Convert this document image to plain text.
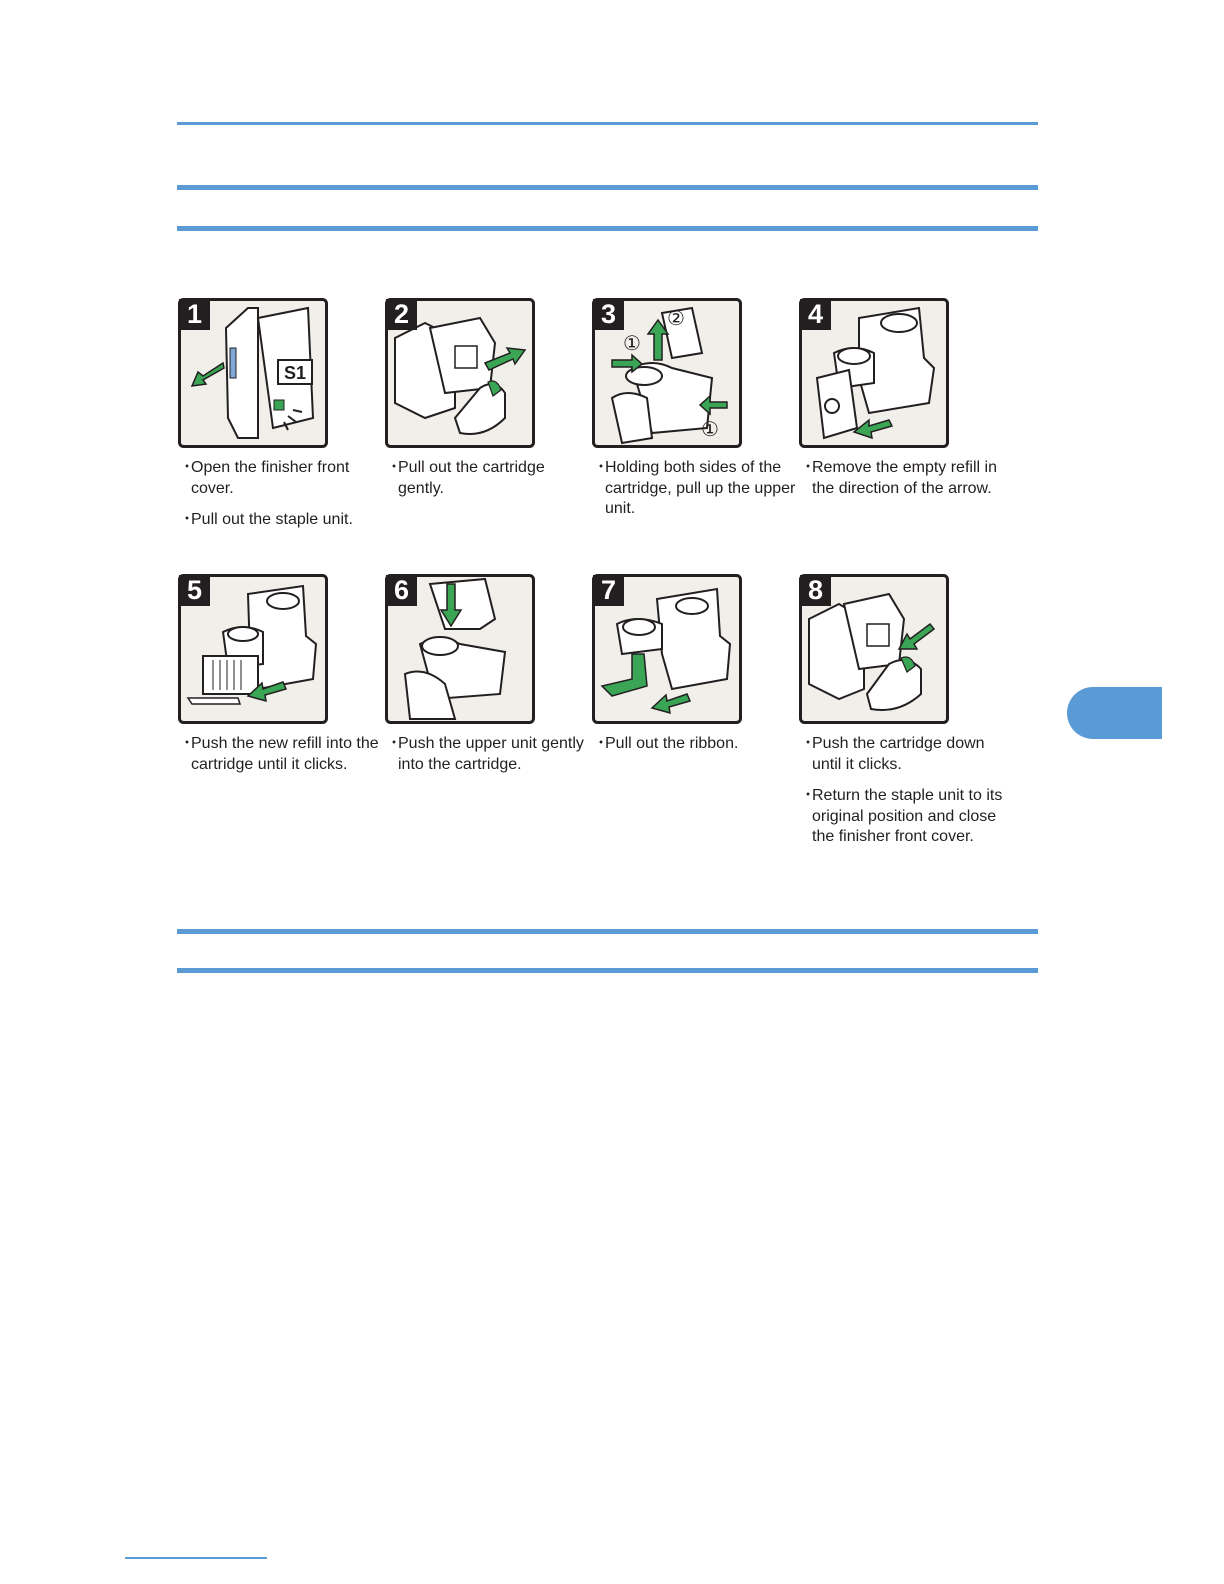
S1
1
・
Open the finisher front cover.
・
Pull out the staple unit.
2
・
Pull out the cartridge gently.
①
②
①
3
・
Holding both sides of the cartridge, pull up the upper unit.
4
・
Remove the empty refill in the direction of the arrow.
5
・
Push the new refill into the cartridge until it clicks.
6
・
Push the upper unit gently into the cartridge.
7
・
Pull out the ribbon.
8
・
Push the cartridge down until it clicks.
・
Return the staple unit to its original position and close the finisher front cover.
